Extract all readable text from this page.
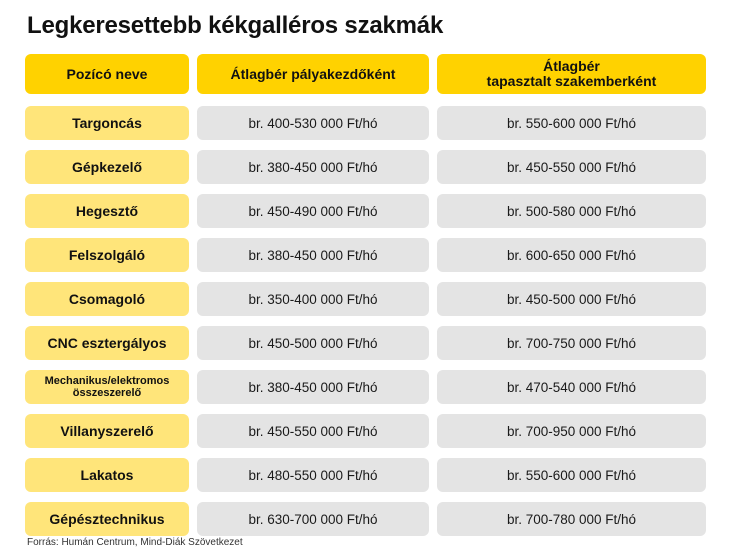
Legkeresettebb kékgalléros szakmák
Pozícó neve	Átlagbér pályakezdőként	Átlagbér
tapasztalt szakemberként
Targoncás	br. 400-530 000 Ft/hó	br. 550-600 000 Ft/hó
Gépkezelő	br. 380-450 000 Ft/hó	br. 450-550 000 Ft/hó
Hegesztő	br. 450-490 000 Ft/hó	br. 500-580 000 Ft/hó
Felszolgáló	br. 380-450 000 Ft/hó	br. 600-650 000 Ft/hó
Csomagoló	br. 350-400 000 Ft/hó	br. 450-500 000 Ft/hó
CNC esztergályos	br. 450-500 000 Ft/hó	br. 700-750 000 Ft/hó
Mechanikus/elektromos
összeszerelő	br. 380-450 000 Ft/hó	br. 470-540 000 Ft/hó
Villanyszerelő	br. 450-550 000 Ft/hó	br. 700-950 000 Ft/hó
Lakatos	br. 480-550 000 Ft/hó	br. 550-600 000 Ft/hó
Gépésztechnikus	br. 630-700 000 Ft/hó	br. 700-780 000 Ft/hó
Forrás: Humán Centrum, Mind-Diák Szövetkezet
